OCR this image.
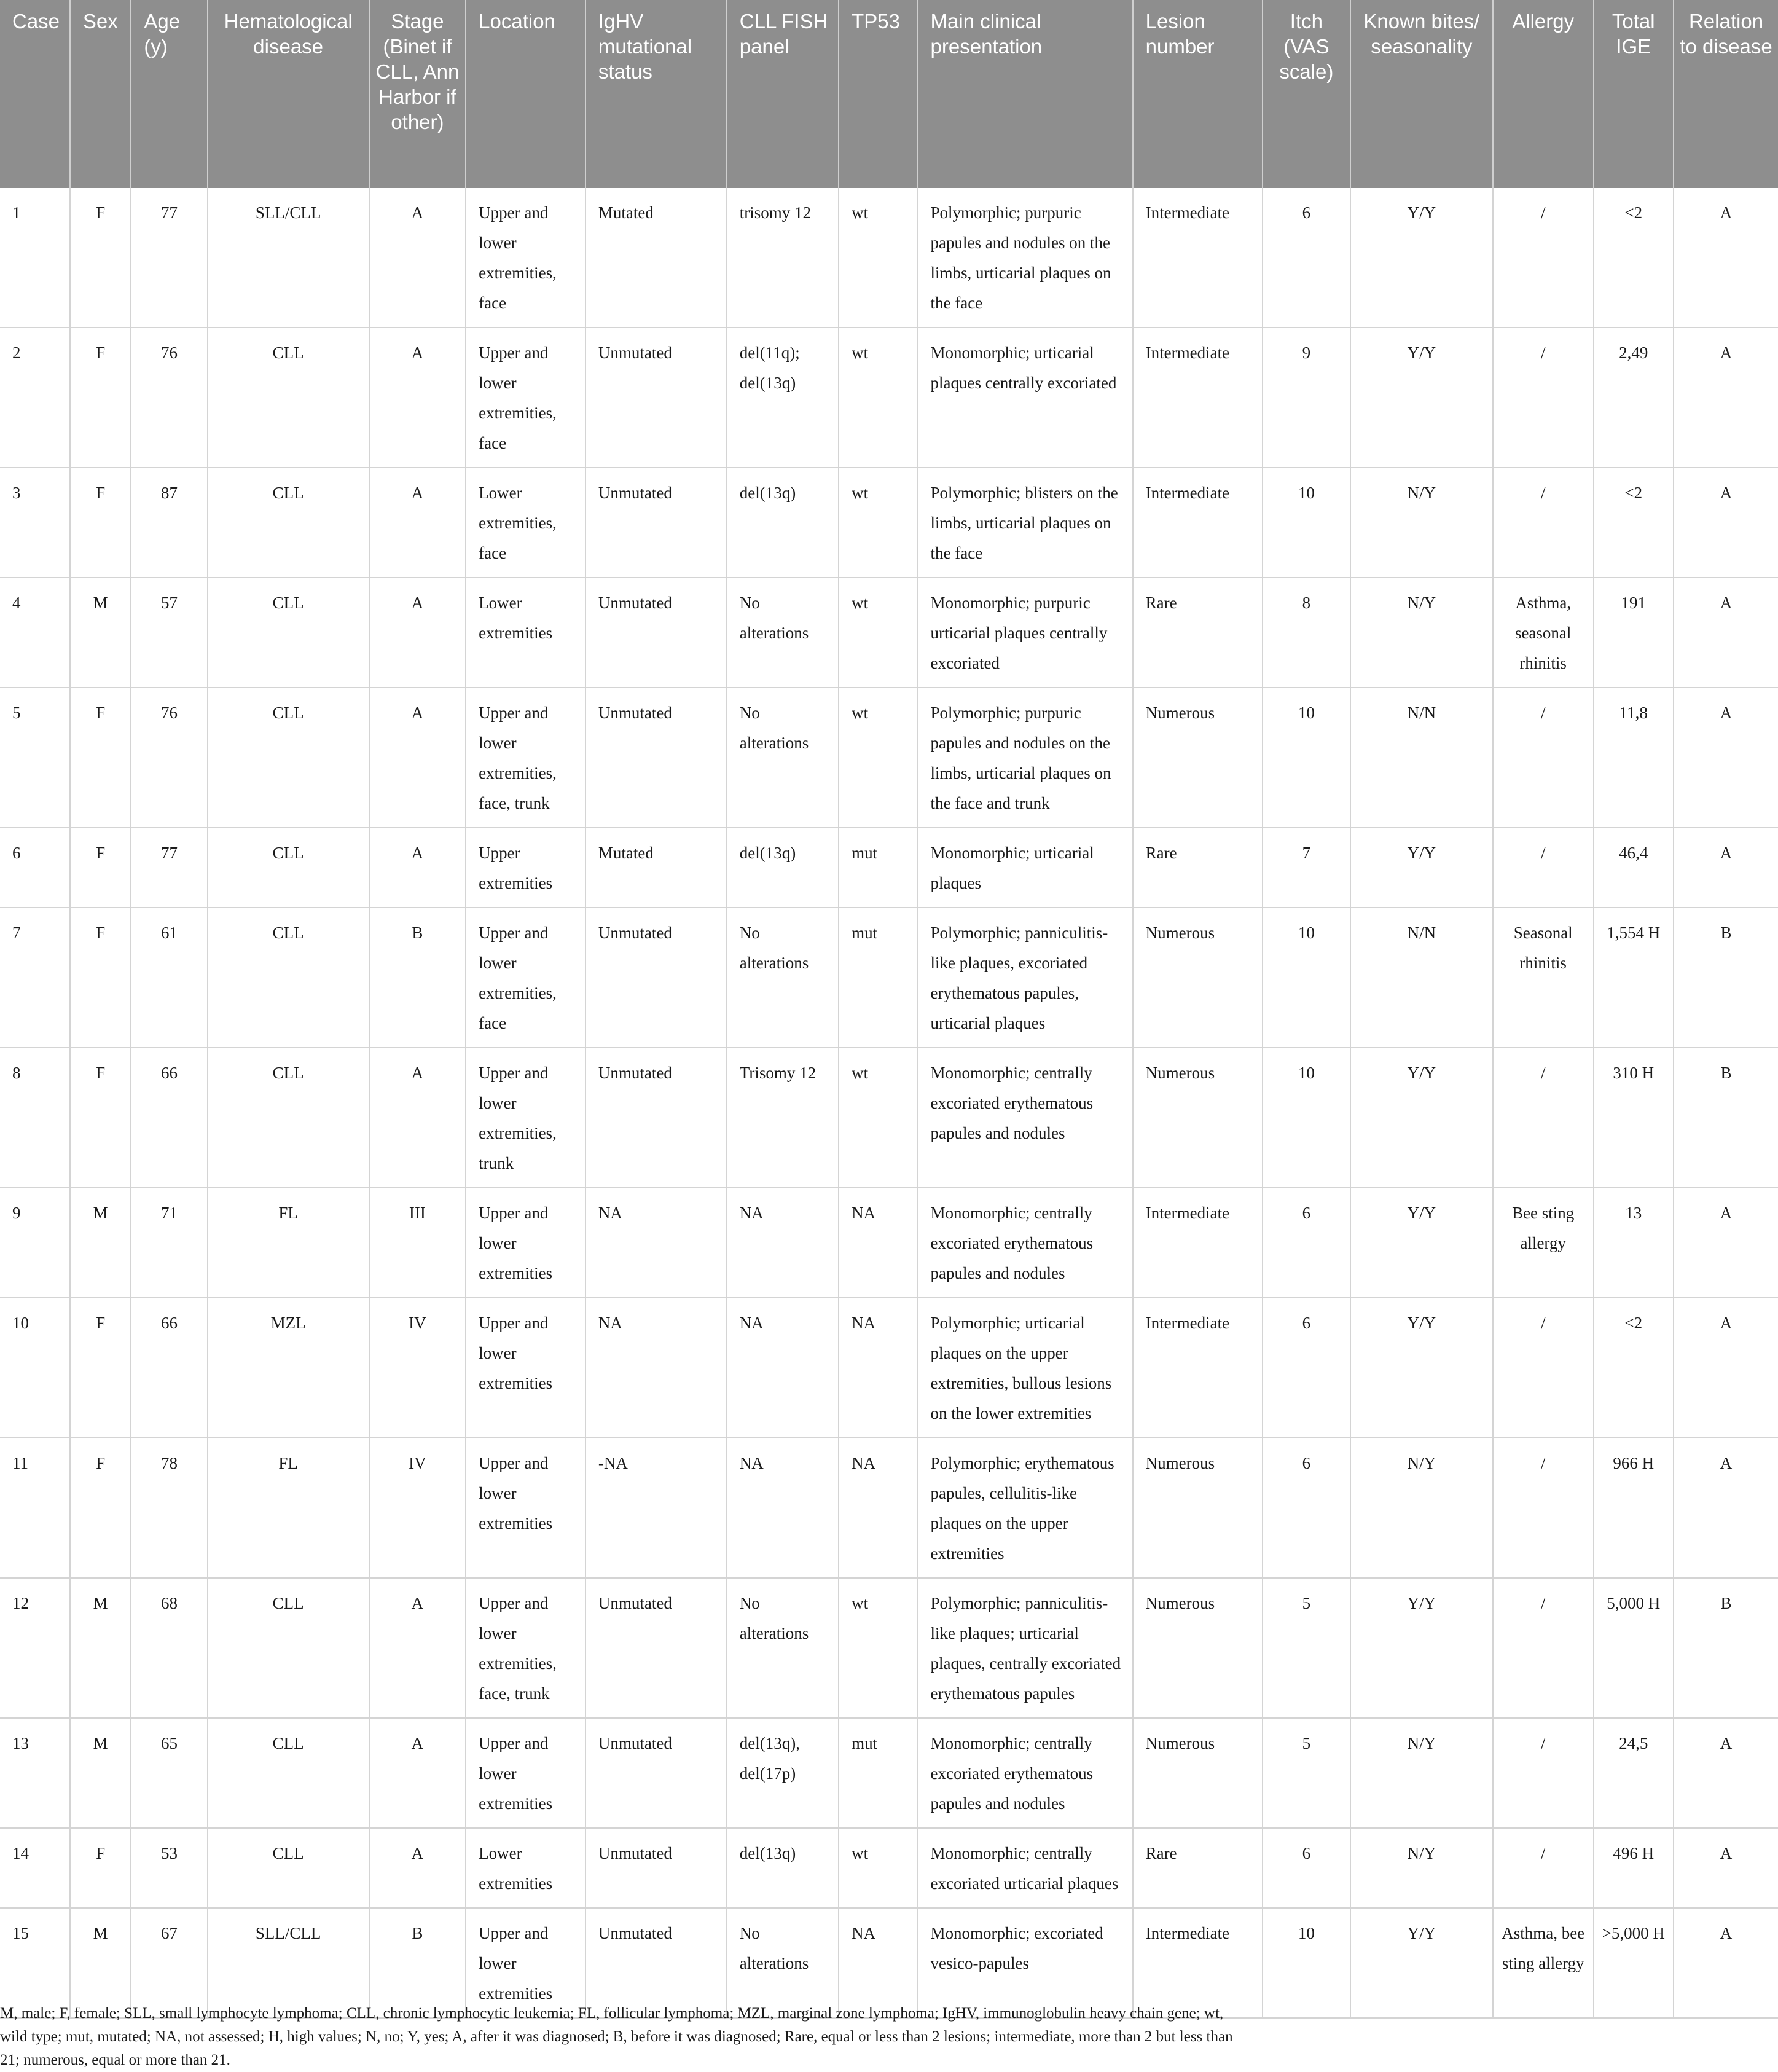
Case	Sex	Age (y)	Hematological disease	Stage (Binet if CLL, Ann Harbor if other)	Location	IgHV mutational status	CLL FISH panel	TP53	Main clinical presentation	Lesion number	Itch (VAS scale)	Known bites/ seasonality	Allergy	Total IGE	Relation to disease
1	F	77	SLL/CLL	A	Upper and lower extremities, face	Mutated	trisomy 12	wt	Polymorphic; purpuric papules and nodules on the limbs, urticarial plaques on the face	Intermediate	6	Y/Y	/	<2	A
2	F	76	CLL	A	Upper and lower extremities, face	Unmutated	del(11q); del(13q)	wt	Monomorphic; urticarial plaques centrally excoriated	Intermediate	9	Y/Y	/	2,49	A
3	F	87	CLL	A	Lower extremities, face	Unmutated	del(13q)	wt	Polymorphic; blisters on the limbs, urticarial plaques on the face	Intermediate	10	N/Y	/	<2	A
4	M	57	CLL	A	Lower extremities	Unmutated	No alterations	wt	Monomorphic; purpuric urticarial plaques centrally excoriated	Rare	8	N/Y	Asthma, seasonal rhinitis	191	A
5	F	76	CLL	A	Upper and lower extremities, face, trunk	Unmutated	No alterations	wt	Polymorphic; purpuric papules and nodules on the limbs, urticarial plaques on the face and trunk	Numerous	10	N/N	/	11,8	A
6	F	77	CLL	A	Upper extremities	Mutated	del(13q)	mut	Monomorphic; urticarial plaques	Rare	7	Y/Y	/	46,4	A
7	F	61	CLL	B	Upper and lower extremities, face	Unmutated	No alterations	mut	Polymorphic; panniculitis-like plaques, excoriated erythematous papules, urticarial plaques	Numerous	10	N/N	Seasonal rhinitis	1,554 H	B
8	F	66	CLL	A	Upper and lower extremities, trunk	Unmutated	Trisomy 12	wt	Monomorphic; centrally excoriated erythematous papules and nodules	Numerous	10	Y/Y	/	310 H	B
9	M	71	FL	III	Upper and lower extremities	NA	NA	NA	Monomorphic; centrally excoriated erythematous papules and nodules	Intermediate	6	Y/Y	Bee sting allergy	13	A
10	F	66	MZL	IV	Upper and lower extremities	NA	NA	NA	Polymorphic; urticarial plaques on the upper extremities, bullous lesions on the lower extremities	Intermediate	6	Y/Y	/	<2	A
11	F	78	FL	IV	Upper and lower extremities	-NA	NA	NA	Polymorphic; erythematous papules, cellulitis-like plaques on the upper extremities	Numerous	6	N/Y	/	966 H	A
12	M	68	CLL	A	Upper and lower extremities, face, trunk	Unmutated	No alterations	wt	Polymorphic; panniculitis-like plaques; urticarial plaques, centrally excoriated erythematous papules	Numerous	5	Y/Y	/	5,000 H	B
13	M	65	CLL	A	Upper and lower extremities	Unmutated	del(13q), del(17p)	mut	Monomorphic; centrally excoriated erythematous papules and nodules	Numerous	5	N/Y	/	24,5	A
14	F	53	CLL	A	Lower extremities	Unmutated	del(13q)	wt	Monomorphic; centrally excoriated urticarial plaques	Rare	6	N/Y	/	496 H	A
15	M	67	SLL/CLL	B	Upper and lower extremities	Unmutated	No alterations	NA	Monomorphic; excoriated vesico-papules	Intermediate	10	Y/Y	Asthma, bee sting allergy	>5,000 H	A
M, male; F, female; SLL, small lymphocyte lymphoma; CLL, chronic lymphocytic leukemia; FL, follicular lymphoma; MZL, marginal zone lymphoma; IgHV, immunoglobulin heavy chain gene; wt, wild type; mut, mutated; NA, not assessed; H, high values; N, no; Y, yes; A, after it was diagnosed; B, before it was diagnosed; Rare, equal or less than 2 lesions; intermediate, more than 2 but less than 21; numerous, equal or more than 21.
